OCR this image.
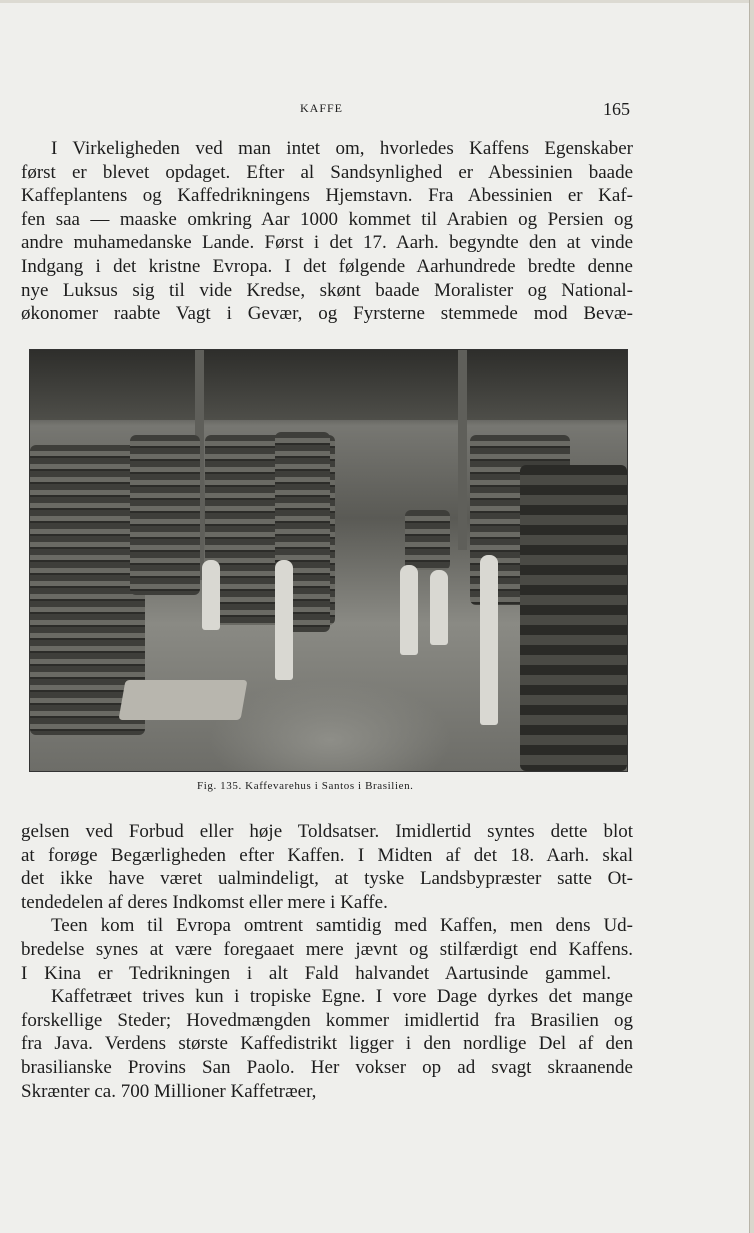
KAFFE	165
I Virkeligheden ved man intet om, hvorledes Kaffens Egenskaber
først er blevet opdaget. Efter al Sandsynlighed er Abessinien baade
Kaffeplantens og Kaffedrikningens Hjemstavn. Fra Abessinien er Kaf-
fen saa — maaske omkring Aar 1000 kommet til Arabien og Persien og
andre muhamedanske Lande. Først i det 17. Aarh. begyndte den at vinde
Indgang i det kristne Evropa. I det følgende Aarhundrede bredte denne
nye Luksus sig til vide Kredse, skønt baade Moralister og National-
økonomer raabte Vagt i Gevær, og Fyrsterne stemmede mod Bevæ-
Fig. 135. Kaffevarehus i Santos i Brasilien.
gelsen ved Forbud eller høje Toldsatser. Imidlertid syntes dette blot
at forøge Begærligheden efter Kaffen. I Midten af det 18. Aarh. skal
det ikke have været ualmindeligt, at tyske Landsbypræster satte Ot-
tendedelen af deres Indkomst eller mere i Kaffe.
Teen kom til Evropa omtrent samtidig med Kaffen, men dens Ud-
bredelse synes at være foregaaet mere jævnt og stilfærdigt end Kaffens.
I Kina er Tedrikningen i alt Fald halvandet Aartusinde gammel.
Kaffetræet trives kun i tropiske Egne. I vore Dage dyrkes det mange
forskellige Steder; Hovedmængden kommer imidlertid fra Brasilien og
fra Java. Verdens største Kaffedistrikt ligger i den nordlige Del af den
brasilianske Provins San Paolo. Her vokser op ad svagt skraanende
Skrænter ca. 700 Millioner Kaffetræer,
